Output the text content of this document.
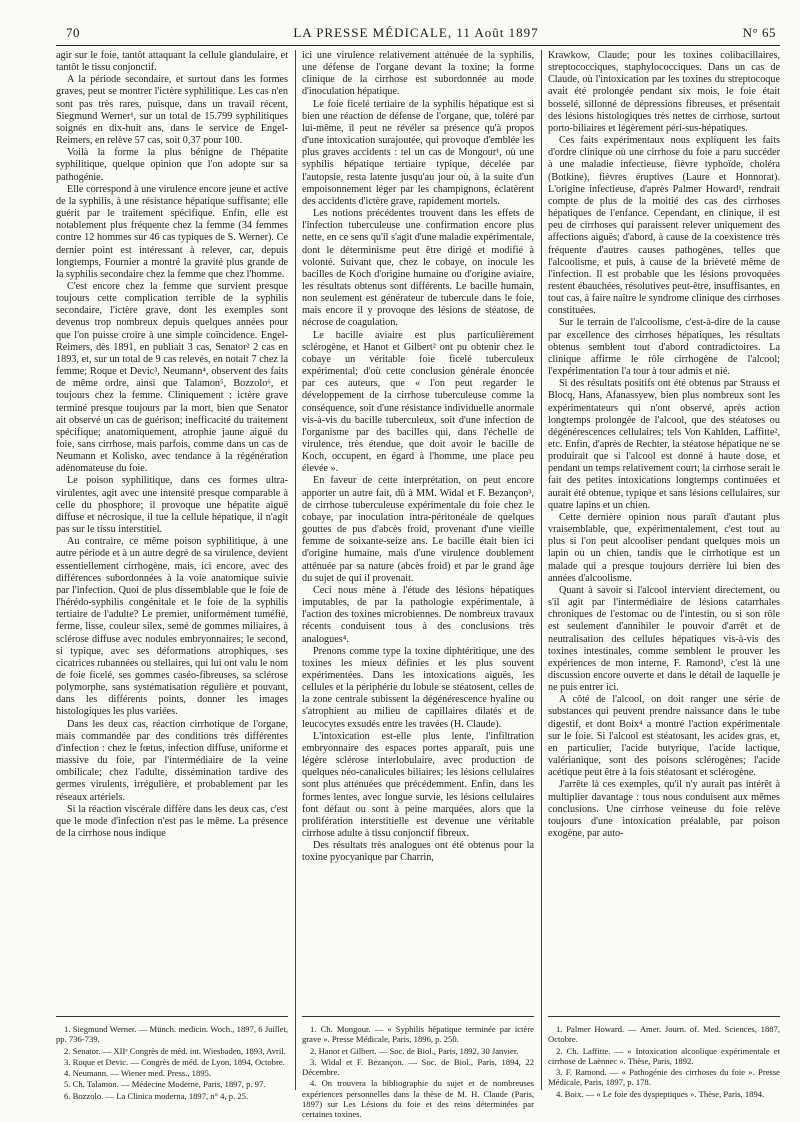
70	LA PRESSE MÉDICALE, 11 Août 1897	N° 65

agir sur le foie, tantôt attaquant la cellule glandulaire, et tantôt le tissu conjonctif.

A la période secondaire, et surtout dans les formes graves, peut se montrer l'ictère syphilitique. Les cas n'en sont pas très rares, puisque, dans un travail récent, Siegmund Werner¹, sur un total de 15.799 syphilitiques soignés en dix-huit ans, dans le service de Engel-Reimers, en relève 57 cas, soit 0,37 pour 100.

Voilà la forme la plus bénigne de l'hépatite syphilitique, quelque opinion que l'on adopte sur sa pathogénie.

Elle correspond à une virulence encore jeune et active de la syphilis, à une résistance hépatique suffisante; elle guérit par le traitement spécifique. Enfin, elle est notablement plus fréquente chez la femme (34 femmes contre 12 hommes sur 46 cas typiques de S. Werner). Ce dernier point est intéressant à relever, car, depuis longtemps, Fournier a montré la gravité plus grande de la syphilis secondaire chez la femme que chez l'homme.

C'est encore chez la femme que survient presque toujours cette complication terrible de la syphilis secondaire, l'ictère grave, dont les exemples sont devenus trop nombreux depuis quelques années pour que l'on puisse croire à une simple coïncidence. Engel-Reimers, dès 1891, en publiait 3 cas, Senator² 2 cas en 1893, et, sur un total de 9 cas relevés, en notait 7 chez la femme; Roque et Devic³, Neumann⁴, observent des faits de même ordre, ainsi que Talamon⁵, Bozzolo⁶, et toujours chez la femme. Cliniquement : ictère grave terminé presque toujours par la mort, bien que Senator ait observé un cas de guérison; inefficacité du traitement spécifique; anatomiquement, atrophie jaune aiguë du foie, sans cirrhose, mais parfois, comme dans un cas de Neumann et Kolisko, avec tendance à la régénération adénomateuse du foie.

Le poison syphilitique, dans ces formes ultra-virulentes, agit avec une intensité presque comparable à celle du phosphore; il provoque une hépatite aiguë diffuse et nécrosique, il tue la cellule hépatique, il n'agit pas sur le tissu interstitiel.

Au contraire, ce même poison syphilitique, à une autre période et à un autre degré de sa virulence, devient essentiellement cirrhogène, mais, ici encore, avec des différences subordonnées à la voie anatomique suivie par l'infection. Quoi de plus dissemblable que le foie de l'hérédo-syphilis congénitale et le foie de la syphilis tertiaire de l'adulte? Le premier, uniformément tuméfié, ferme, lisse, couleur silex, semé de gommes miliaires, à sclérose diffuse avec nodules embryonnaires; le second, si typique, avec ses déformations atrophiques, ses cicatrices rubannées ou stellaires, qui lui ont valu le nom de foie ficelé, ses gommes caséo-fibreuses, sa sclérose polymorphe, sans systématisation régulière et pouvant, dans les différents points, donner les images histologiques les plus variées.

Dans les deux cas, réaction cirrhotique de l'organe, mais commandée par des conditions très différentes d'infection : chez le fœtus, infection diffuse, uniforme et massive du foie, par l'intermédiaire de la veine ombilicale; chez l'adulte, dissémination tardive des germes virulents, irrégulière, et probablement par les réseaux artériels.

Si la réaction viscérale diffère dans les deux cas, c'est que le mode d'infection n'est pas le même. La présence de la cirrhose nous indique

ici une virulence relativement atténuée de la syphilis, une défense de l'organe devant la toxine; la forme clinique de la cirrhose est subordonnée au mode d'inoculation hépatique.

Le foie ficelé tertiaire de la syphilis hépatique est si bien une réaction de défense de l'organe, que, toléré par lui-même, il peut ne révéler sa présence qu'à propos d'une intoxication surajoutée, qui provoque d'emblée les plus graves accidents : tel un cas de Mongour¹, où une syphilis hépatique tertiaire typique, décelée par l'autopsie, resta latente jusqu'au jour où, à la suite d'un empoisonnement léger par les champignons, éclatèrent des accidents d'ictère grave, rapidement mortels.

Les notions précédentes trouvent dans les effets de l'infection tuberculeuse une confirmation encore plus nette, en ce sens qu'il s'agit d'une maladie expérimentale, dont le déterminisme peut être dirigé et modifié à volonté. Suivant que, chez le cobaye, on inocule les bacilles de Koch d'origine humaine ou d'origine aviaire, les résultats obtenus sont différents. Le bacille humain, non seulement est générateur de tubercule dans le foie, mais encore il y provoque des lésions de stéatose, de nécrose de coagulation.

Le bacille aviaire est plus particulièrement sclérogène, et Hanot et Gilbert² ont pu obtenir chez le cobaye un véritable foie ficelé tuberculeux expérimental; d'où cette conclusion générale énoncée par ces auteurs, que « l'on peut regarder le développement de la cirrhose tuberculeuse comme la conséquence, soit d'une résistance individuelle anormale vis-à-vis du bacille tuberculeux, soit d'une infection de l'organisme par des bacilles qui, dans l'échelle de virulence, très étendue, que doit avoir le bacille de Koch, occupent, en égard à l'homme, une place peu élevée ».

En faveur de cette interprétation, on peut encore apporter un autre fait, dû à MM. Widal et F. Bezançon³, de cirrhose tuberculeuse expérimentale du foie chez le cobaye, par inoculation intra-péritonéale de quelques gouttes de pus d'abcès froid, provenant d'une vieille femme de soixante-seize ans. Le bacille était bien ici d'origine humaine, mais d'une virulence doublement atténuée par sa nature (abcès froid) et par le grand âge du sujet de qui il provenait.

Ceci nous mène à l'étude des lésions hépatiques imputables, de par la pathologie expérimentale, à l'action des toxines microbiennes. De nombreux travaux récents conduisent tous à des conclusions très analogues⁴.

Prenons comme type la toxine diphtéritique, une des toxines les mieux définies et les plus souvent expérimentées. Dans les intoxications aiguës, les cellules et la périphérie du lobule se stéatosent, celles de la zone centrale subissent la dégénérescence hyaline ou s'atrophient au milieu de capillaires dilatés et de leucocytes exsudés entre les travées (H. Claude).

L'intoxication est-elle plus lente, l'infiltration embryonnaire des espaces portes apparaît, puis une légère sclérose interlobulaire, avec production de quelques néo-canalicules biliaires; les lésions cellulaires sont plus atténuées que précédemment. Enfin, dans les formes lentes, avec longue survie, les lésions cellulaires font défaut ou sont à peine marquées, alors que la prolifération interstitielle est devenue une véritable cirrhose adulte à tissu conjonctif fibreux.

Des résultats très analogues ont été obtenus pour la toxine pyocyanique par Charrin,

Krawkow, Claude; pour les toxines colibacillaires, streptococciques, staphylococciques. Dans un cas de Claude, où l'intoxication par les toxines du streptocoque avait été prolongée pendant six mois, le foie était bosselé, sillonné de dépressions fibreuses, et présentait des lésions histologiques très nettes de cirrhose, surtout porto-biliaires et légèrement péri-sus-hépatiques.

Ces faits expérimentaux nous expliquent les faits d'ordre clinique où une cirrhose du foie a paru succéder à une maladie infectieuse, fièvre typhoïde, choléra (Botkine), fièvres éruptives (Laure et Honnorat). L'origine infectieuse, d'après Palmer Howard¹, rendrait compte de plus de la moitié des cas des cirrhoses hépatiques de l'enfance. Cependant, en clinique, il est peu de cirrhoses qui paraissent relever uniquement des affections aiguës; d'abord, à cause de la coexistence très fréquente d'autres causes pathogènes, telles que l'alcoolisme, et puis, à cause de la brièveté même de l'infection. Il est probable que les lésions provoquées restent ébauchées, résolutives peut-être, insuffisantes, en tout cas, à faire naître le syndrome clinique des cirrhoses constituées.

Sur le terrain de l'alcoolisme, c'est-à-dire de la cause par excellence des cirrhoses hépatiques, les résultats obtenus semblent tout d'abord contradictoires. La clinique affirme le rôle cirrhogène de l'alcool; l'expérimentation l'a tour à tour admis et nié.

Si des résultats positifs ont été obtenus par Strauss et Blocq, Hans, Afanassyew, bien plus nombreux sont les expérimentateurs qui n'ont observé, après action longtemps prolongée de l'alcool, que des stéatoses ou dégénérescences cellulaires; tels Von Kahlden, Laffitte², etc. Enfin, d'après de Rechter, la stéatose hépatique ne se produirait que si l'alcool est donné à haute dose, et pendant un temps relativement court; la cirrhose serait le fait des petites intoxications longtemps continuées et aurait été obtenue, typique et sans lésions cellulaires, sur quatre lapins et un chien.

Cette dernière opinion nous paraît d'autant plus vraisemblable, que, expérimentalement, c'est tout au plus si l'on peut alcooliser pendant quelques mois un lapin ou un chien, tandis que le cirrhotique est un malade qui a presque toujours derrière lui bien des années d'alcoolisme.

Quant à savoir si l'alcool intervient directement, ou s'il agit par l'intermédiaire de lésions catarrhales chroniques de l'estomac ou de l'intestin, ou si son rôle est seulement d'annihiler le pouvoir d'arrêt et de neutralisation des cellules hépatiques vis-à-vis des toxines intestinales, comme semblent le prouver les expériences de mon interne, F. Ramond³, c'est là une discussion encore ouverte et dans le détail de laquelle je ne puis entrer ici.

A côté de l'alcool, on doit ranger une série de substances qui peuvent prendre naissance dans le tube digestif, et dont Boix⁴ a montré l'action expérimentale sur le foie. Si l'alcool est stéatosant, les acides gras, et, en particulier, l'acide butyrique, l'acide lactique, valérianique, sont des poisons sclérogènes; l'acide acétique peut être à la fois stéatosant et sclérogène.

J'arrête là ces exemples, qu'il n'y aurait pas intérêt à multiplier davantage : tous nous conduisent aux mêmes conclusions. Une cirrhose veineuse du foie relève toujours d'une intoxication préalable, par poison exogène, par auto-

1. Siegmund Werner. — Münch. medicin. Woch., 1897, 6 Juillet, pp. 736-739.

2. Senator. — XIIᵉ Congrès de méd. int. Wiesbaden, 1893, Avril.

3. Roque et Devic. — Congrès de méd. de Lyon, 1894, Octobre.

4. Neumann. — Wiener med. Press., 1895.

5. Ch. Talamon. — Médecine Moderne, Paris, 1897, p. 97.

6. Bozzolo. — La Clinica moderna, 1897, n° 4, p. 25.

1. Ch. Mongour. — « Syphilis hépatique terminée par ictère grave ». Presse Médicale, Paris, 1896, p. 250.

2. Hanot et Gilbert. — Soc. de Biol., Paris, 1892, 30 Janvier.

3. Widal et F. Bezançon. — Soc. de Biol., Paris, 1894, 22 Décembre.

4. On trouvera la bibliographie du sujet et de nombreuses expériences personnelles dans la thèse de M. H. Claude (Paris, 1897) sur Les Lésions du foie et des reins déterminées par certaines toxines.

1. Palmer Howard. — Amer. Journ. of. Med. Sciences, 1887, Octobre.

2. Ch. Laffitte. — « Intoxication alcoolique expérimentale et cirrhose de Laënnec ». Thèse, Paris, 1892.

3. F. Ramond. — « Pathogénie des cirrhoses du foie ». Presse Médicale, Paris, 1897, p. 178.

4. Boix. — « Le foie des dyspeptiques ». Thèse, Paris, 1894.
